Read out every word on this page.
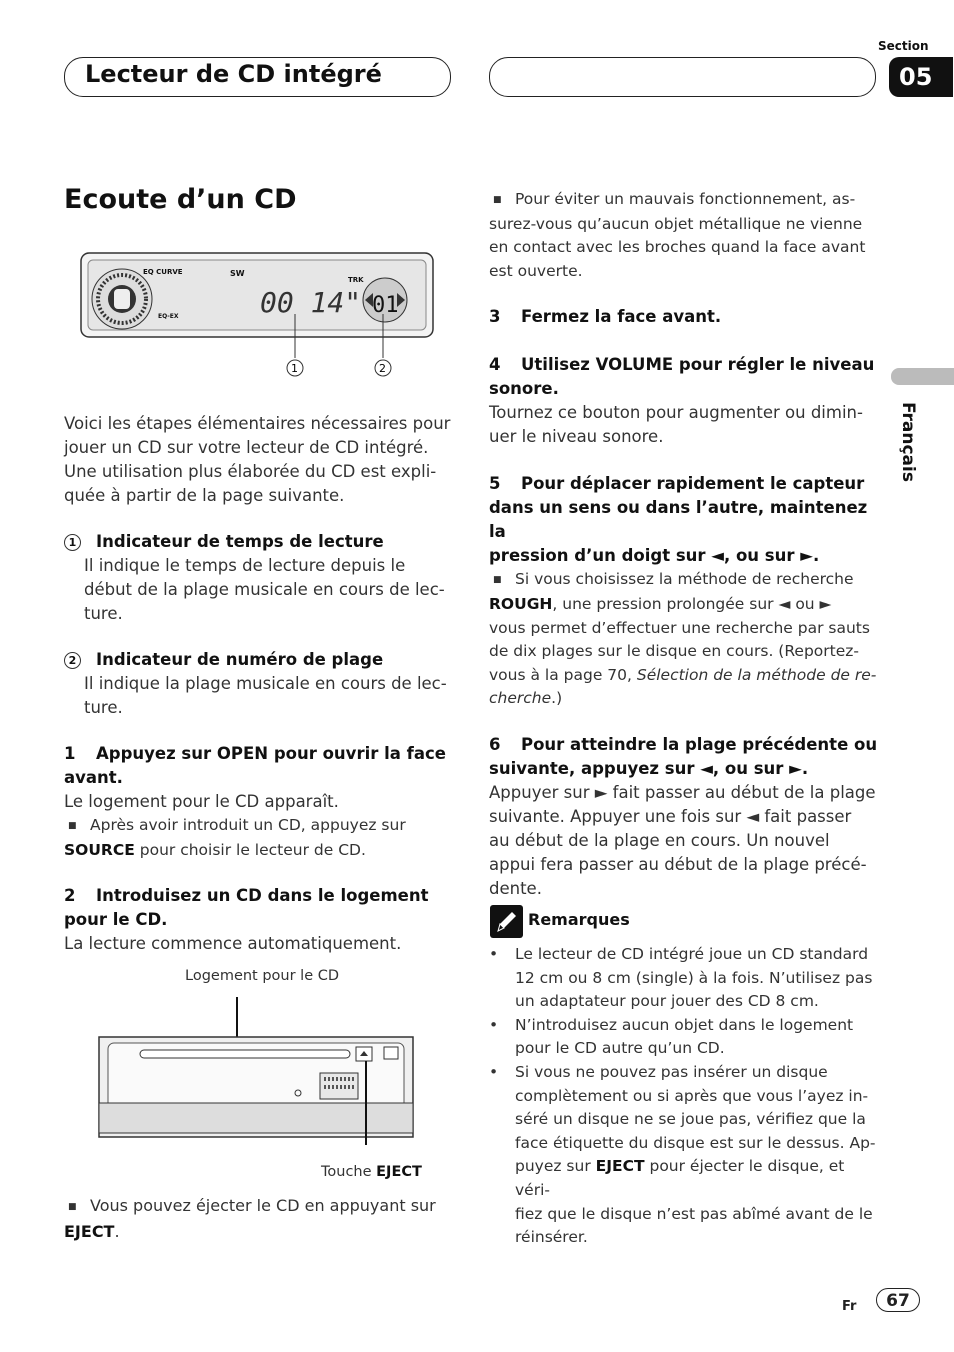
Lecteur de CD intégré
Section
05
Français
Ecoute d’un CD
EQ CURVE	SW
TRK
EQ-EX	00 14" 01
1	2

Voici les étapes élémentaires nécessaires pour

jouer un CD sur votre lecteur de CD intégré.

Une utilisation plus élaborée du CD est expli-

quée à partir de la page suivante.

1 Indicateur de temps de lecture

Il indique le temps de lecture depuis le

début de la plage musicale en cours de lec-

ture.

2 Indicateur de numéro de plage

Il indique la plage musicale en cours de lec-

ture.

1 Appuyez sur OPEN pour ouvrir la face

avant.

Le logement pour le CD apparaît.

■ Après avoir introduit un CD, appuyez sur

SOURCE pour choisir le lecteur de CD.

2 Introduisez un CD dans le logement

pour le CD.

La lecture commence automatiquement.

Logement pour le CD
Touche EJECT

■ Vous pouvez éjecter le CD en appuyant sur

EJECT.

■ Pour éviter un mauvais fonctionnement, as-

surez-vous qu’aucun objet métallique ne vienne

en contact avec les broches quand la face avant

est ouverte.

3 Fermez la face avant.

4 Utilisez VOLUME pour régler le niveau

sonore.

Tournez ce bouton pour augmenter ou dimin-

uer le niveau sonore.

5 Pour déplacer rapidement le capteur

dans un sens ou dans l’autre, maintenez la

pression d’un doigt sur ◄, ou sur ►.

■ Si vous choisissez la méthode de recherche

ROUGH, une pression prolongée sur ◄ ou ►

vous permet d’effectuer une recherche par sauts

de dix plages sur le disque en cours. (Reportez-

vous à la page 70, Sélection de la méthode de re-

cherche.)

6 Pour atteindre la plage précédente ou

suivante, appuyez sur ◄, ou sur ►.

Appuyer sur ► fait passer au début de la plage

suivante. Appuyer une fois sur ◄ fait passer

au début de la plage en cours. Un nouvel

appui fera passer au début de la plage précé-

dente.

Remarques

• Le lecteur de CD intégré joue un CD standard

12 cm ou 8 cm (single) à la fois. N’utilisez pas

un adaptateur pour jouer des CD 8 cm.

• N’introduisez aucun objet dans le logement

pour le CD autre qu’un CD.

• Si vous ne pouvez pas insérer un disque

complètement ou si après que vous l’ayez in-

séré un disque ne se joue pas, vérifiez que la

face étiquette du disque est sur le dessus. Ap-

puyez sur EJECT pour éjecter le disque, et véri-

fiez que le disque n’est pas abîmé avant de le

réinsérer.

Fr	67
